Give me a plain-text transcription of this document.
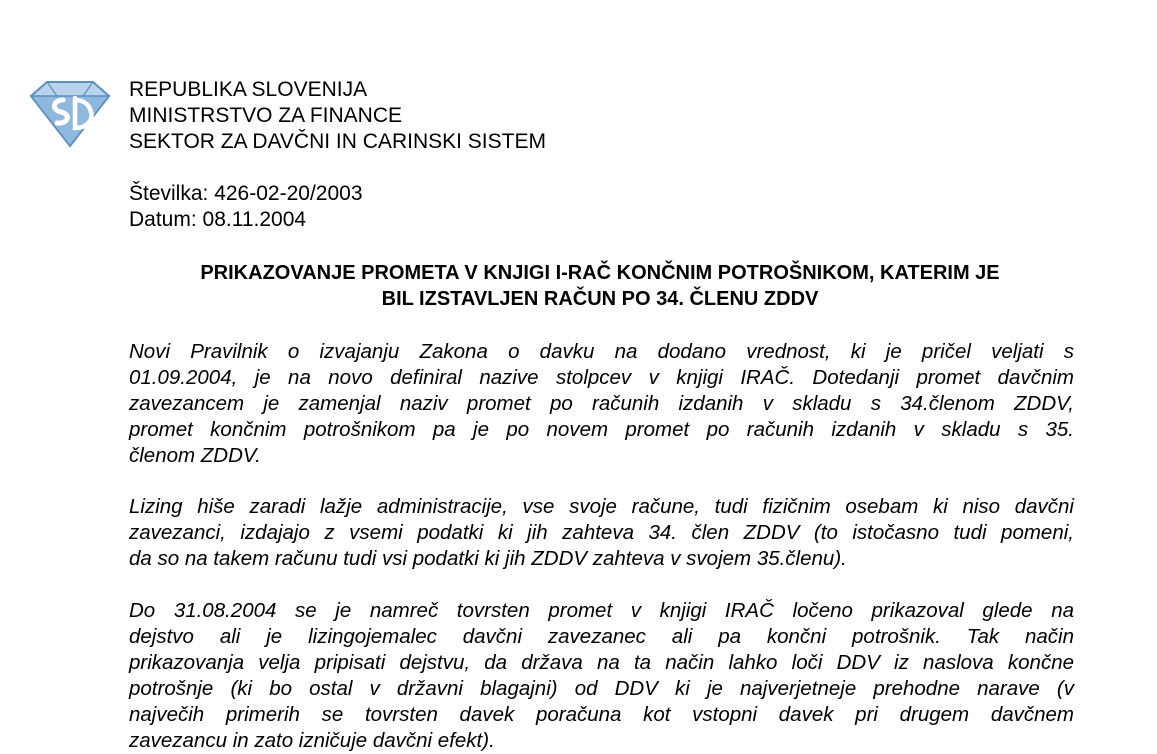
REPUBLIKA SLOVENIJA
MINISTRSTVO ZA FINANCE
SEKTOR ZA DAVČNI IN CARINSKI SISTEM
Številka: 426-02-20/2003
Datum: 08.11.2004
PRIKAZOVANJE PROMETA V KNJIGI I-RAČ KONČNIM POTROŠNIKOM, KATERIM JE
BIL IZSTAVLJEN RAČUN PO 34. ČLENU ZDDV
Novi Pravilnik o izvajanju Zakona o davku na dodano vrednost, ki je pričel veljati s
01.09.2004, je na novo definiral nazive stolpcev v knjigi IRAČ. Dotedanji promet davčnim
zavezancem je zamenjal naziv promet po računih izdanih v skladu s 34.členom ZDDV,
promet končnim potrošnikom pa je po novem promet po računih izdanih v skladu s 35.
členom ZDDV.
Lizing hiše zaradi lažje administracije, vse svoje račune, tudi fizičnim osebam ki niso davčni
zavezanci, izdajajo z vsemi podatki ki jih zahteva 34. člen ZDDV (to istočasno tudi pomeni,
da so na takem računu tudi vsi podatki ki jih ZDDV zahteva v svojem 35.členu).
Do 31.08.2004 se je namreč tovrsten promet v knjigi IRAČ ločeno prikazoval glede na
dejstvo ali je lizingojemalec davčni zavezanec ali pa končni potrošnik. Tak način
prikazovanja velja pripisati dejstvu, da država na ta način lahko loči DDV iz naslova končne
potrošnje (ki bo ostal v državni blagajni) od DDV ki je najverjetneje prehodne narave (v
največih primerih se tovrsten davek poračuna kot vstopni davek pri drugem davčnem
zavezancu in zato izničuje davčni efekt).
